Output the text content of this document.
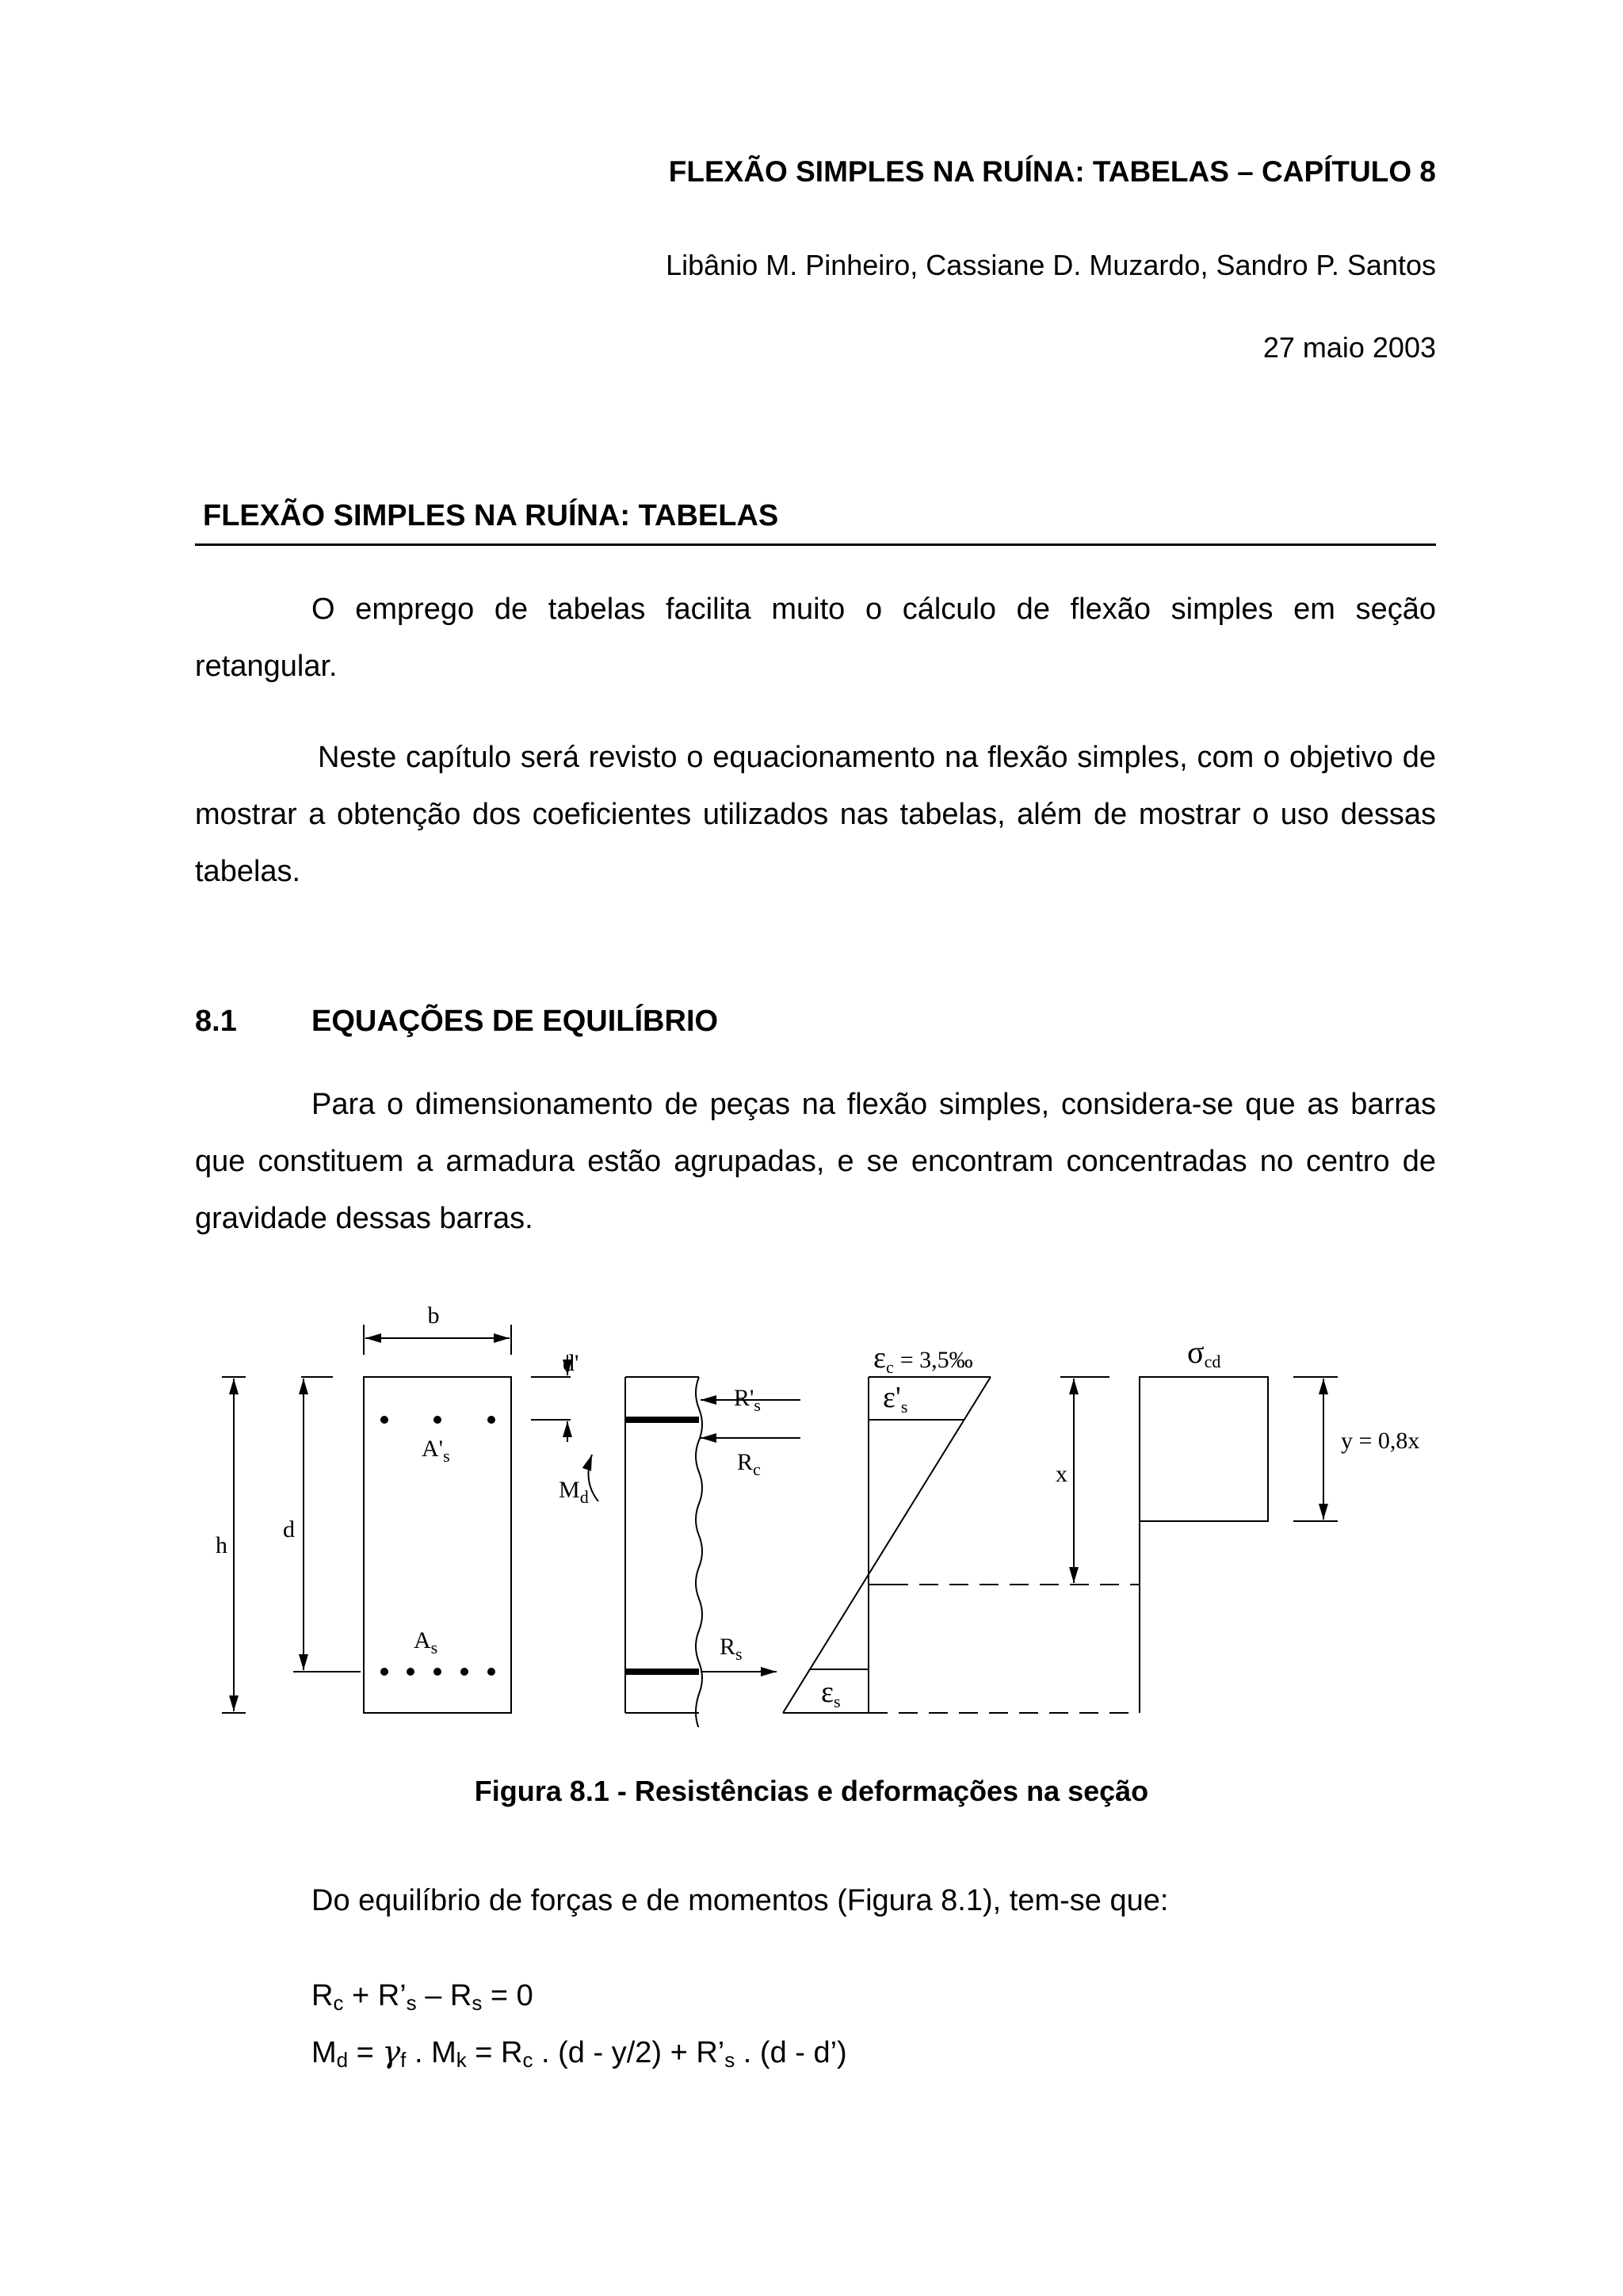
FLEXÃO SIMPLES NA RUÍNA: TABELAS – CAPÍTULO 8
Libânio M. Pinheiro, Cassiane D. Muzardo, Sandro P. Santos
27 maio 2003
FLEXÃO SIMPLES NA RUÍNA: TABELAS

O emprego de tabelas facilita muito o cálculo de flexão simples em seção retangular.

Neste capítulo será revisto o equacionamento na flexão simples, com o objetivo de mostrar a obtenção dos coeficientes utilizados nas tabelas, além de mostrar o uso dessas tabelas.

8.1 EQUAÇÕES DE EQUILÍBRIO

Para o dimensionamento de peças na flexão simples, considera-se que as barras que constituem a armadura estão agrupadas, e se encontram concentradas no centro de gravidade dessas barras.

b
d'
h
d
$A'_s$
$A_s$
$M_d$
$R'_s$
$R_c$
$R_s$
$\varepsilon_c$ = 3,5‰
$\varepsilon'_s$
$\varepsilon_s$
x
$\sigma_{cd}$
y = 0,8x
Figura 8.1 - Resistências e deformações na seção
Do equilíbrio de forças e de momentos (Figura 8.1), tem-se que:
$R_c$ + $R’_s - R_s = 0$
$M_d = \gamma_f$ . $M_k = R_c$ . $(d - y/2) + R’_s$ . (d - d’)
